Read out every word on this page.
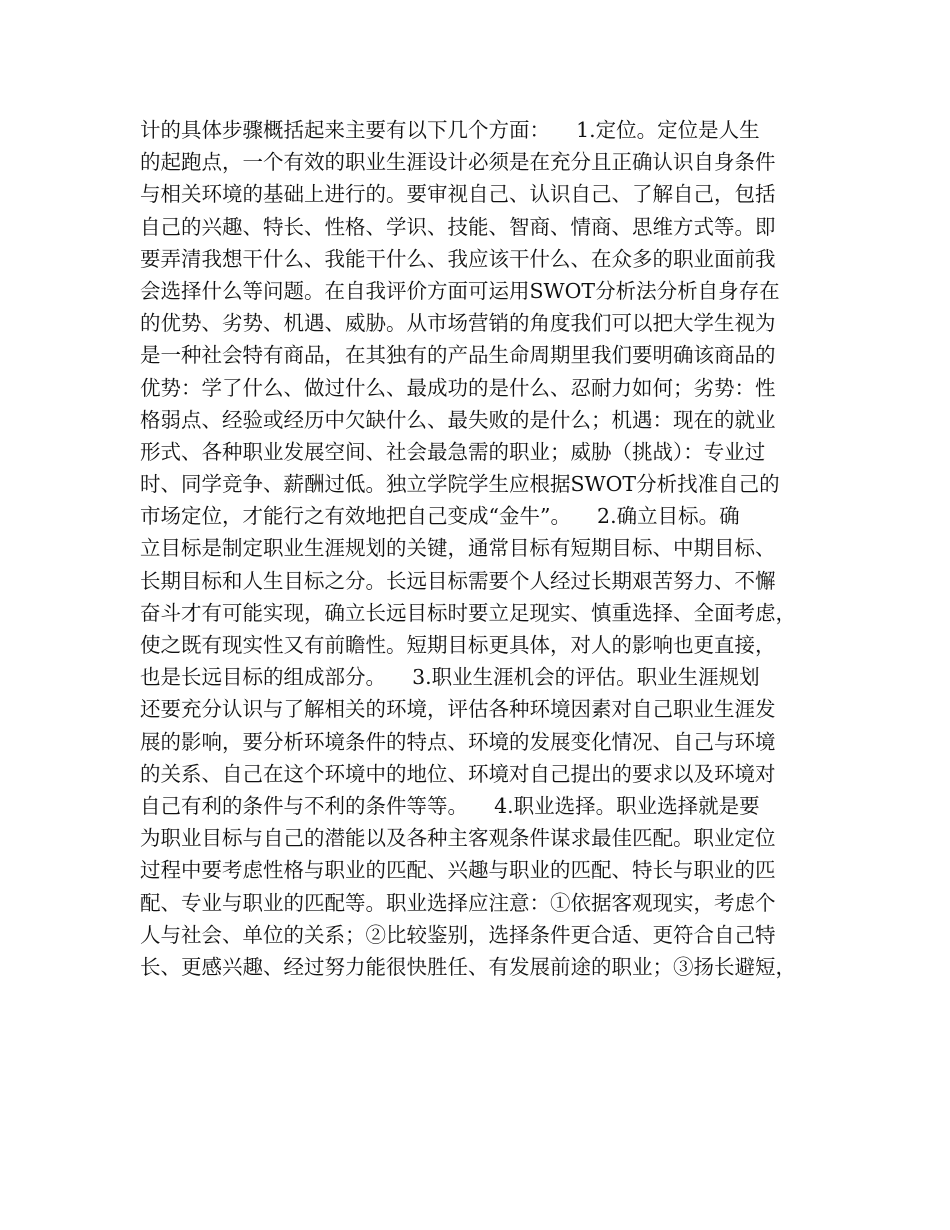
计的具体步骤概括起来主要有以下几个方面：    1.定位。定位是人生
的起跑点，一个有效的职业生涯设计必须是在充分且正确认识自身条件
与相关环境的基础上进行的。要审视自己、认识自己、了解自己，包括
自己的兴趣、特长、性格、学识、技能、智商、情商、思维方式等。即
要弄清我想干什么、我能干什么、我应该干什么、在众多的职业面前我
会选择什么等问题。在自我评价方面可运用SWOT分析法分析自身存在
的优势、劣势、机遇、威胁。从市场营销的角度我们可以把大学生视为
是一种社会特有商品，在其独有的产品生命周期里我们要明确该商品的
优势：学了什么、做过什么、最成功的是什么、忍耐力如何；劣势：性
格弱点、经验或经历中欠缺什么、最失败的是什么；机遇：现在的就业
形式、各种职业发展空间、社会最急需的职业；威胁（挑战）：专业过
时、同学竞争、薪酬过低。独立学院学生应根据SWOT分析找准自己的
市场定位，才能行之有效地把自己变成“金牛”。    2.确立目标。确
立目标是制定职业生涯规划的关键，通常目标有短期目标、中期目标、
长期目标和人生目标之分。长远目标需要个人经过长期艰苦努力、不懈
奋斗才有可能实现，确立长远目标时要立足现实、慎重选择、全面考虑，
使之既有现实性又有前瞻性。短期目标更具体，对人的影响也更直接，
也是长远目标的组成部分。    3.职业生涯机会的评估。职业生涯规划
还要充分认识与了解相关的环境，评估各种环境因素对自己职业生涯发
展的影响，要分析环境条件的特点、环境的发展变化情况、自己与环境
的关系、自己在这个环境中的地位、环境对自己提出的要求以及环境对
自己有利的条件与不利的条件等等。    4.职业选择。职业选择就是要
为职业目标与自己的潜能以及各种主客观条件谋求最佳匹配。职业定位
过程中要考虑性格与职业的匹配、兴趣与职业的匹配、特长与职业的匹
配、专业与职业的匹配等。职业选择应注意：①依据客观现实，考虑个
人与社会、单位的关系；②比较鉴别，选择条件更合适、更符合自己特
长、更感兴趣、经过努力能很快胜任、有发展前途的职业；③扬长避短，
